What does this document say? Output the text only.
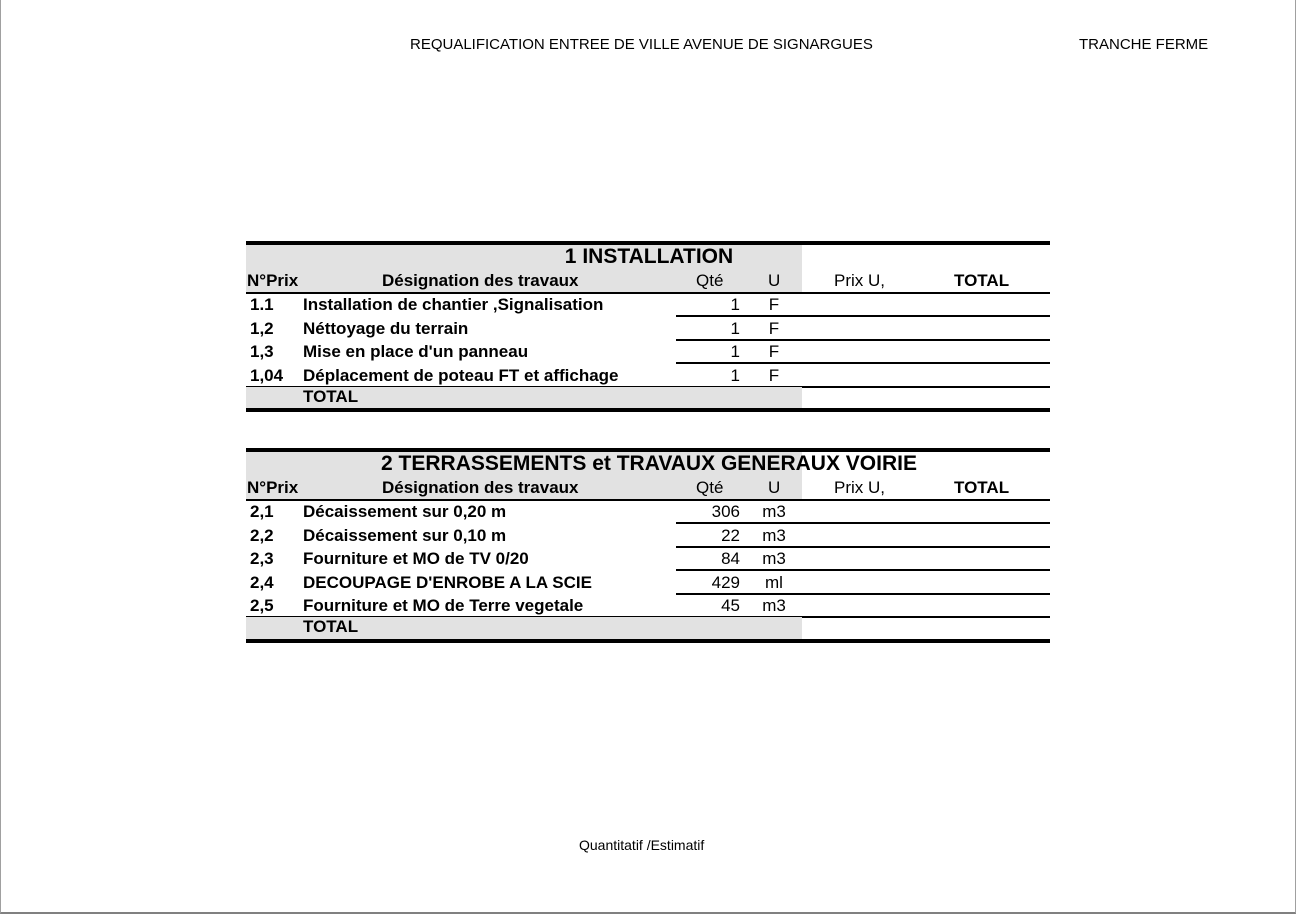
REQUALIFICATION ENTREE DE VILLE AVENUE DE SIGNARGUES	TRANCHE FERME
1 INSTALLATION
N°Prix	Désignation des travaux	Qté	U	Prix U,	TOTAL
1.1 Installation de chantier ,Signalisation	1 F
1,2 Néttoyage du terrain	1 F
1,3 Mise en place d'un panneau	1 F
1,04 Déplacement de poteau FT et affichage	1 F
TOTAL
2 TERRASSEMENTS et TRAVAUX GENERAUX VOIRIE
N°Prix	Désignation des travaux	Qté	U	Prix U,	TOTAL
2,1 Décaissement sur 0,20 m	306 m3
2,2 Décaissement sur 0,10 m	22 m3
2,3 Fourniture et MO de TV 0/20	84 m3
2,4 DECOUPAGE D'ENROBE A LA SCIE	429 ml
2,5 Fourniture et MO de Terre vegetale	45 m3
TOTAL
Quantitatif /Estimatif
